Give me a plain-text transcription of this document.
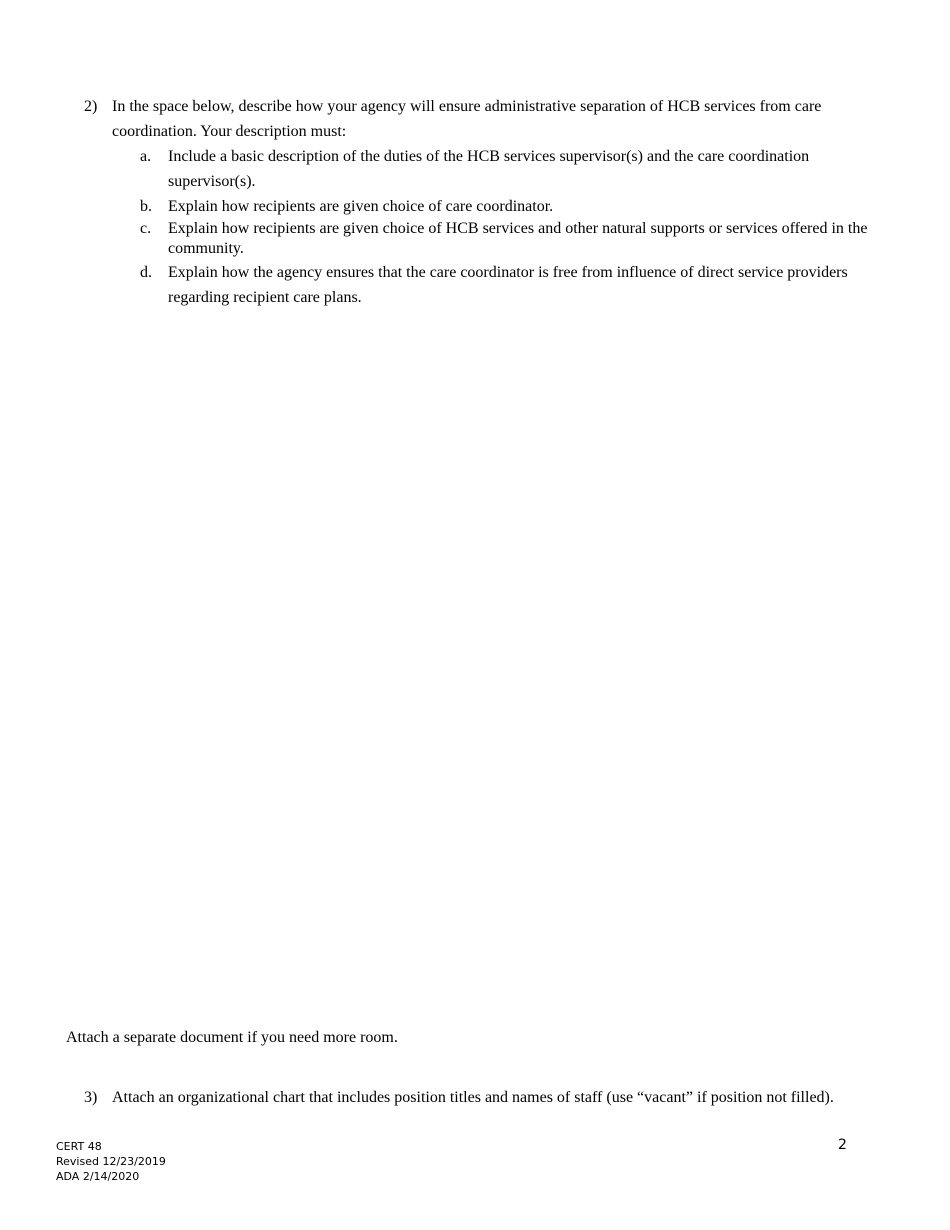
2) In the space below, describe how your agency will ensure administrative separation of HCB services from care coordination. Your description must:
a. Include a basic description of the duties of the HCB services supervisor(s) and the care coordination supervisor(s).
b. Explain how recipients are given choice of care coordinator.
c. Explain how recipients are given choice of HCB services and other natural supports or services offered in the community.
d. Explain how the agency ensures that the care coordinator is free from influence of direct service providers regarding recipient care plans.
Attach a separate document if you need more room.
3) Attach an organizational chart that includes position titles and names of staff (use “vacant” if position not filled).
CERT 48
Revised 12/23/2019
ADA 2/14/2020
2
